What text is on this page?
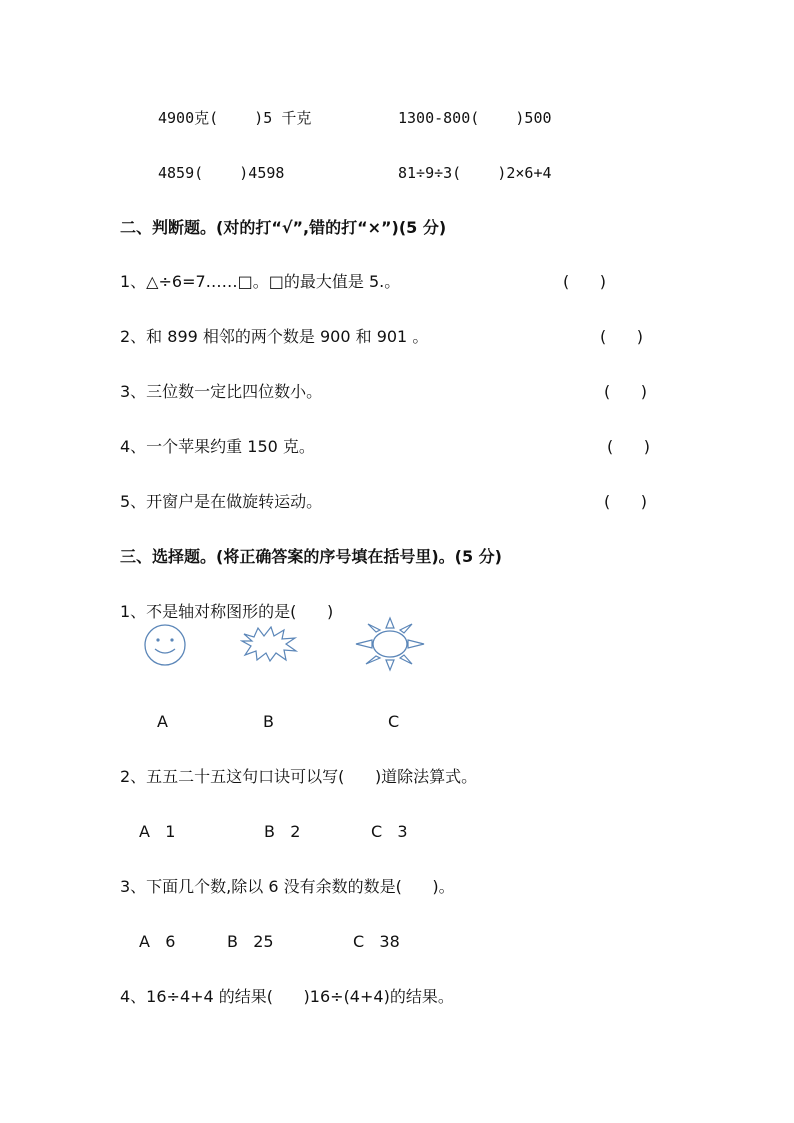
4900克(    )5 千克	1300-800(    )500
4859(    )4598	81÷9÷3(    )2×6+4
二、判断题。(对的打“√”,错的打“×”)(5 分)
1、△÷6=7……□。□的最大值是 5.。	(      )
2、和 899 相邻的两个数是 900 和 901 。	(      )
3、三位数一定比四位数小。	(      )
4、一个苹果约重 150 克。	(      )
5、开窗户是在做旋转运动。	(      )
三、选择题。(将正确答案的序号填在括号里)。(5 分)
1、不是轴对称图形的是(      )
A	B	C
2、五五二十五这句口诀可以写(      )道除法算式。
A   1	B   2	C   3
3、下面几个数,除以 6 没有余数的数是(      )。
A   6	B   25	C   38
4、16÷4+4 的结果(      )16÷(4+4)的结果。
